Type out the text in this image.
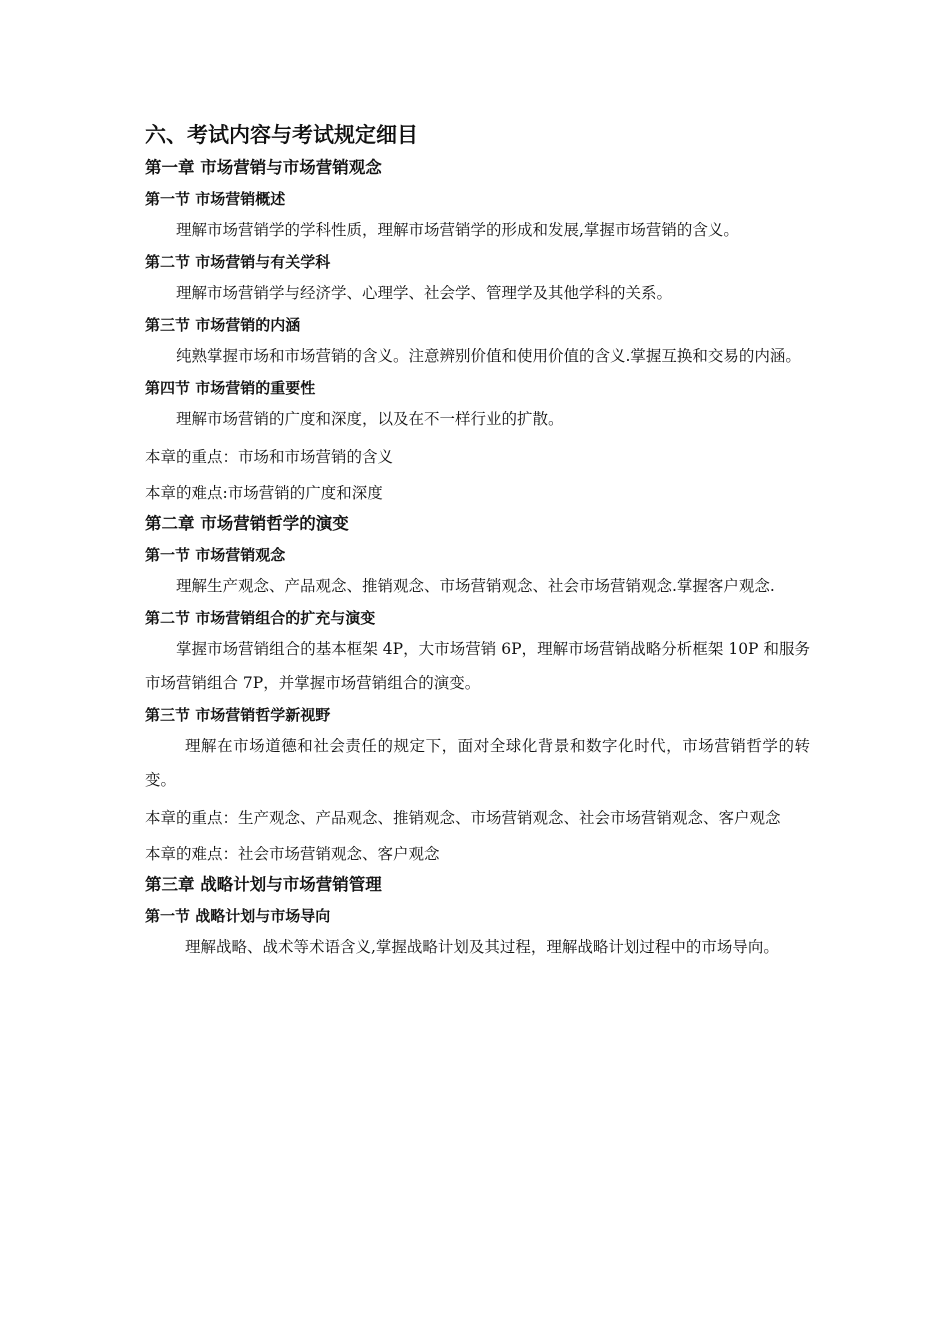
六、考试内容与考试规定细目
第一章 市场营销与市场营销观念
第一节 市场营销概述
理解市场营销学的学科性质，理解市场营销学的形成和发展,掌握市场营销的含义。
第二节 市场营销与有关学科
理解市场营销学与经济学、心理学、社会学、管理学及其他学科的关系。
第三节 市场营销的内涵
纯熟掌握市场和市场营销的含义。注意辨别价值和使用价值的含义.掌握互换和交易的内涵。
第四节 市场营销的重要性
理解市场营销的广度和深度，以及在不一样行业的扩散。
本章的重点：市场和市场营销的含义
本章的难点:市场营销的广度和深度
第二章 市场营销哲学的演变
第一节 市场营销观念
理解生产观念、产品观念、推销观念、市场营销观念、社会市场营销观念.掌握客户观念.
第二节 市场营销组合的扩充与演变
掌握市场营销组合的基本框架 4P，大市场营销 6P，理解市场营销战略分析框架 10P 和服务市场营销组合 7P，并掌握市场营销组合的演变。
第三节 市场营销哲学新视野
理解在市场道德和社会责任的规定下，面对全球化背景和数字化时代，市场营销哲学的转变。
本章的重点：生产观念、产品观念、推销观念、市场营销观念、社会市场营销观念、客户观念
本章的难点：社会市场营销观念、客户观念
第三章 战略计划与市场营销管理
第一节 战略计划与市场导向
理解战略、战术等术语含义,掌握战略计划及其过程，理解战略计划过程中的市场导向。
